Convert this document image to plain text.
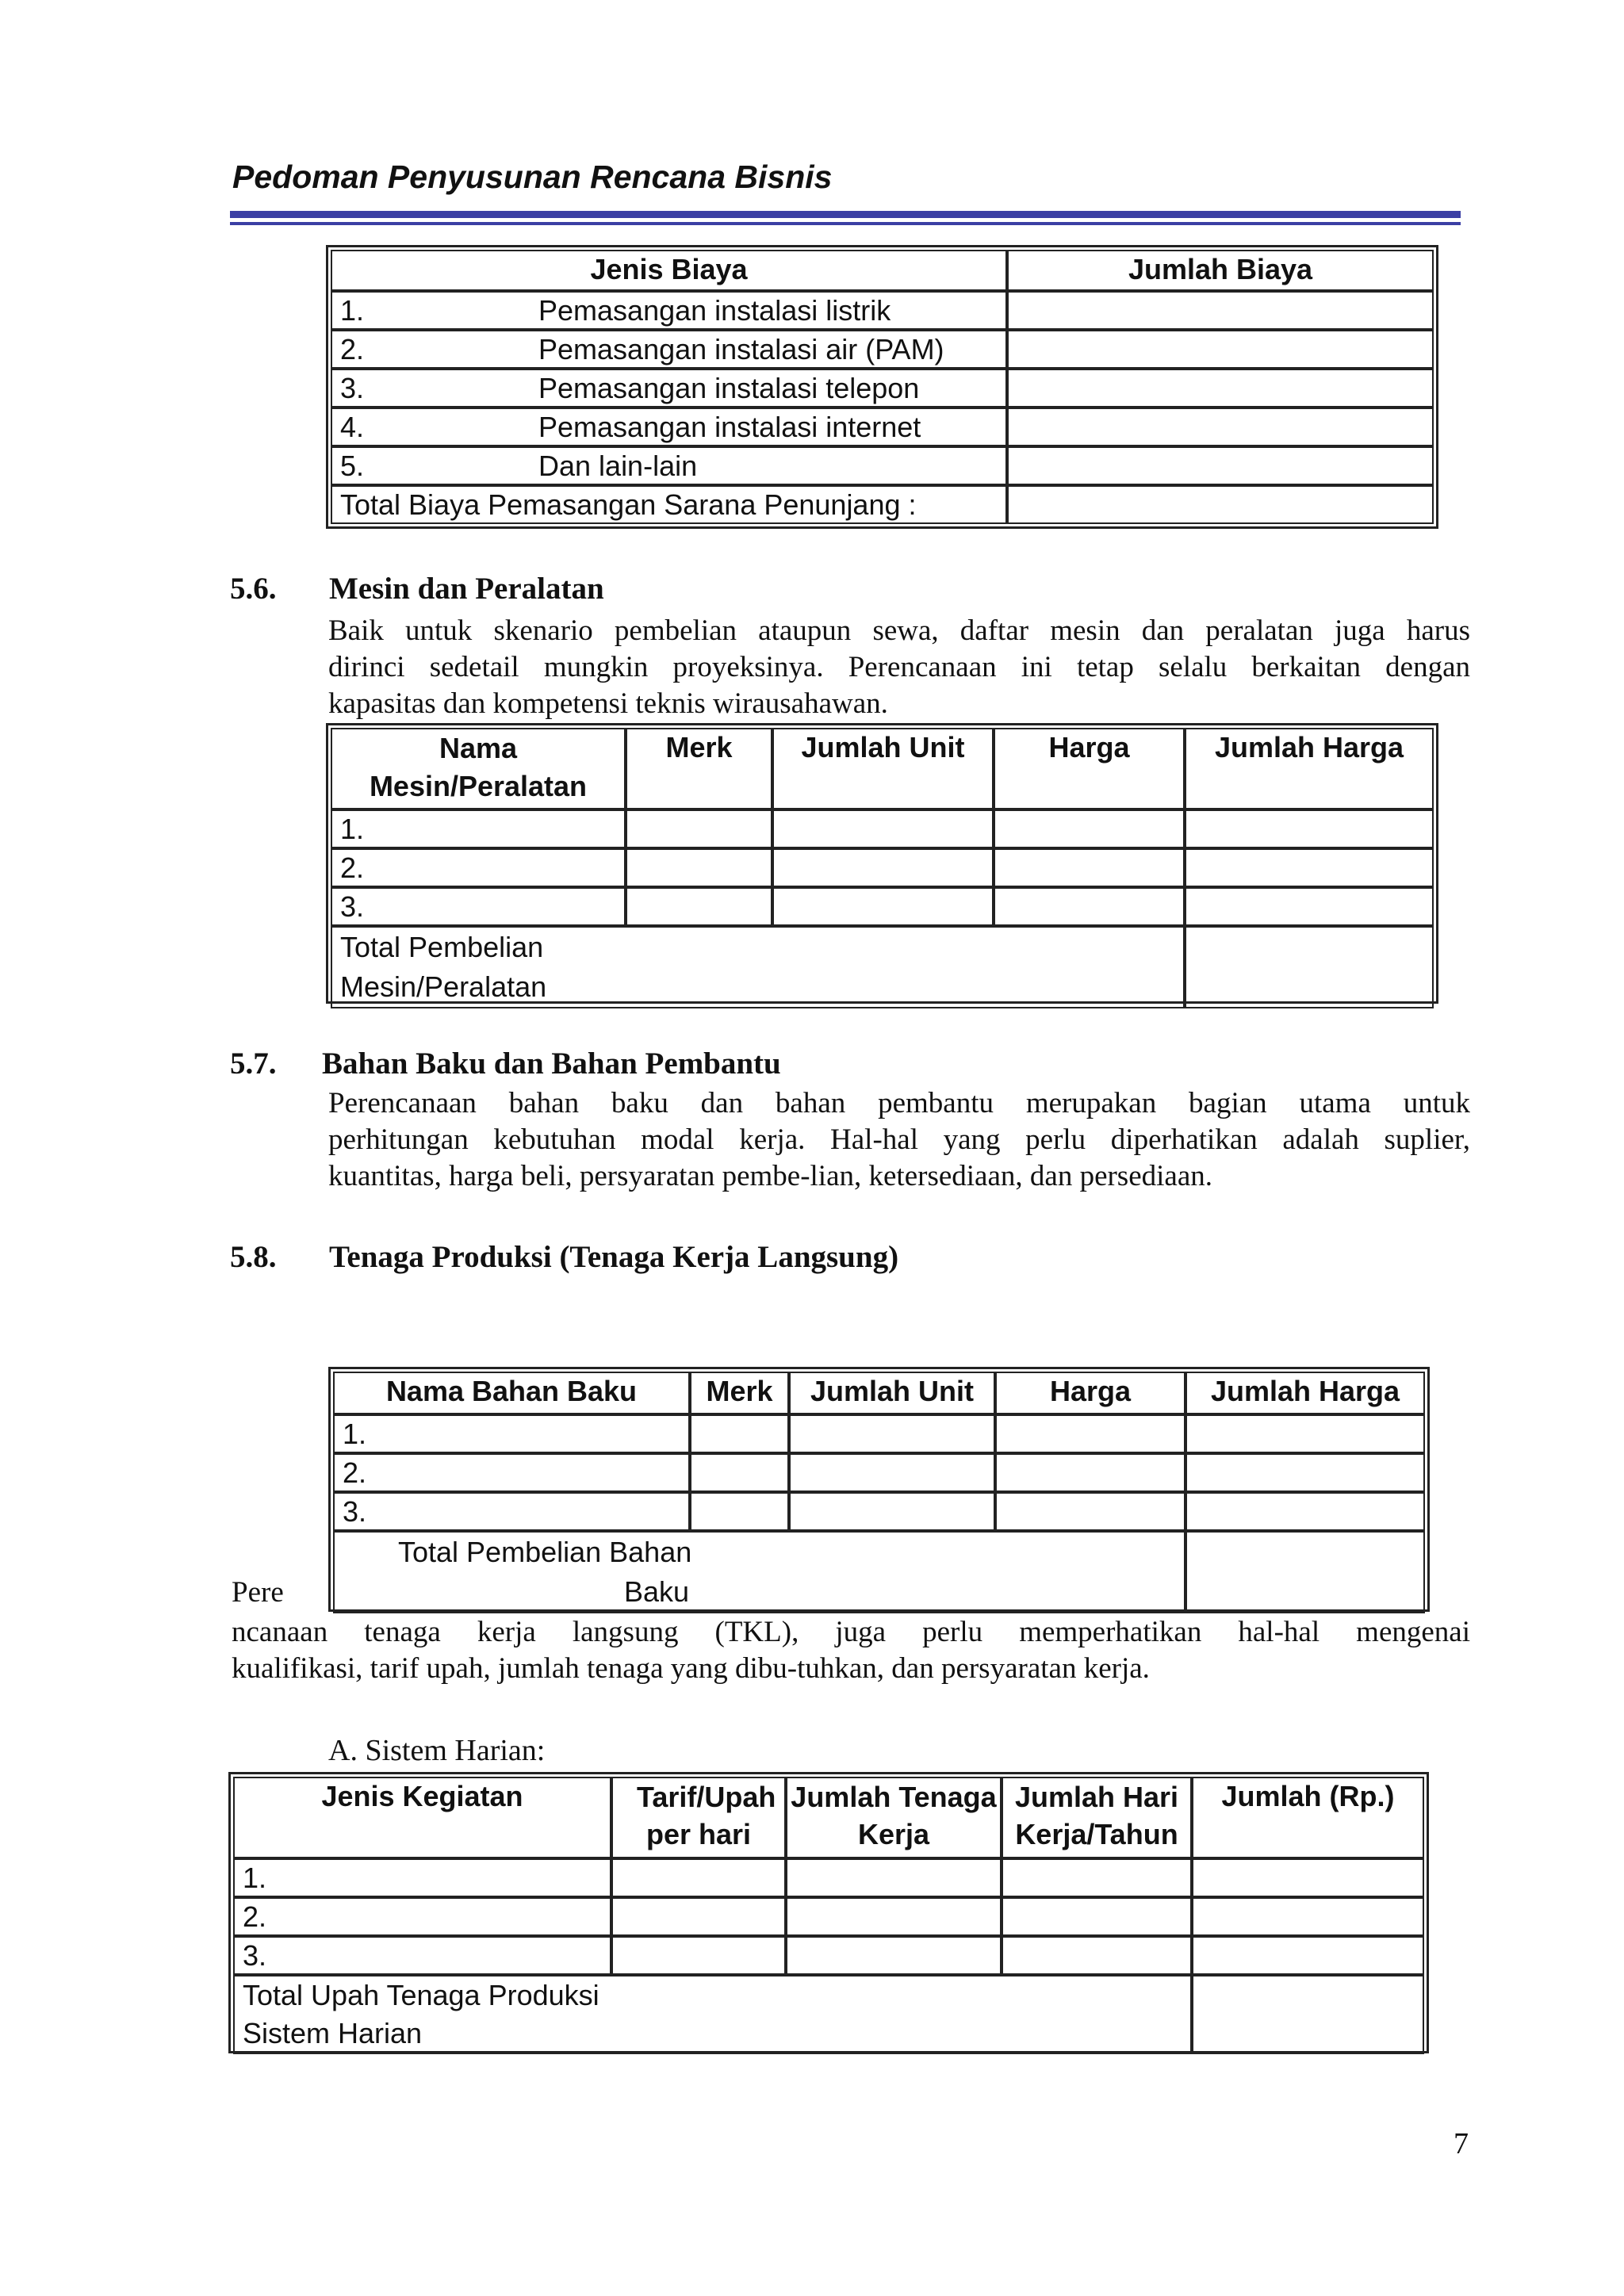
Pedoman Penyusunan Rencana Bisnis
Jenis Biaya	Jumlah Biaya
1. Pemasangan instalasi listrik	
2. Pemasangan instalasi air (PAM)	
3. Pemasangan instalasi telepon	
4. Pemasangan instalasi internet	
5. Dan lain-lain	
Total Biaya Pemasangan Sarana Penunjang :	
5.6. Mesin dan Peralatan
Baik untuk skenario pembelian ataupun sewa, daftar mesin dan peralatan juga harus
dirinci sedetail mungkin proyeksinya. Perencanaan ini tetap selalu berkaitan dengan
kapasitas dan kompetensi teknis wirausahawan.
Nama Mesin/Peralatan	Merk	Jumlah Unit	Harga	Jumlah Harga
1.				
2.				
3.				

Total Pembelian Mesin/Peralatan				

5.7. Bahan Baku dan Bahan Pembantu
Perencanaan bahan baku dan bahan pembantu merupakan bagian utama untuk
perhitungan kebutuhan modal kerja. Hal-hal yang perlu diperhatikan adalah suplier,
kuantitas, harga beli, persyaratan pembe-lian, ketersediaan, dan persediaan.
5.8. Tenaga Produksi (Tenaga Kerja Langsung)
Nama Bahan Baku	Merk	Jumlah Unit	Harga	Jumlah Harga
1.				
2.				
3.				

Total Pembelian Bahan
Baku				

Pere
ncanaan tenaga kerja langsung (TKL), juga perlu memperhatikan hal-hal mengenai
kualifikasi, tarif upah, jumlah tenaga yang dibu-tuhkan, dan persyaratan kerja.
A. Sistem Harian:
Jenis Kegiatan	Tarif/Upah per hari	Jumlah Tenaga Kerja	Jumlah Hari Kerja/Tahun	Jumlah (Rp.)
1.				
2.				
3.				

Total Upah Tenaga Produksi
Sistem Harian				

7
